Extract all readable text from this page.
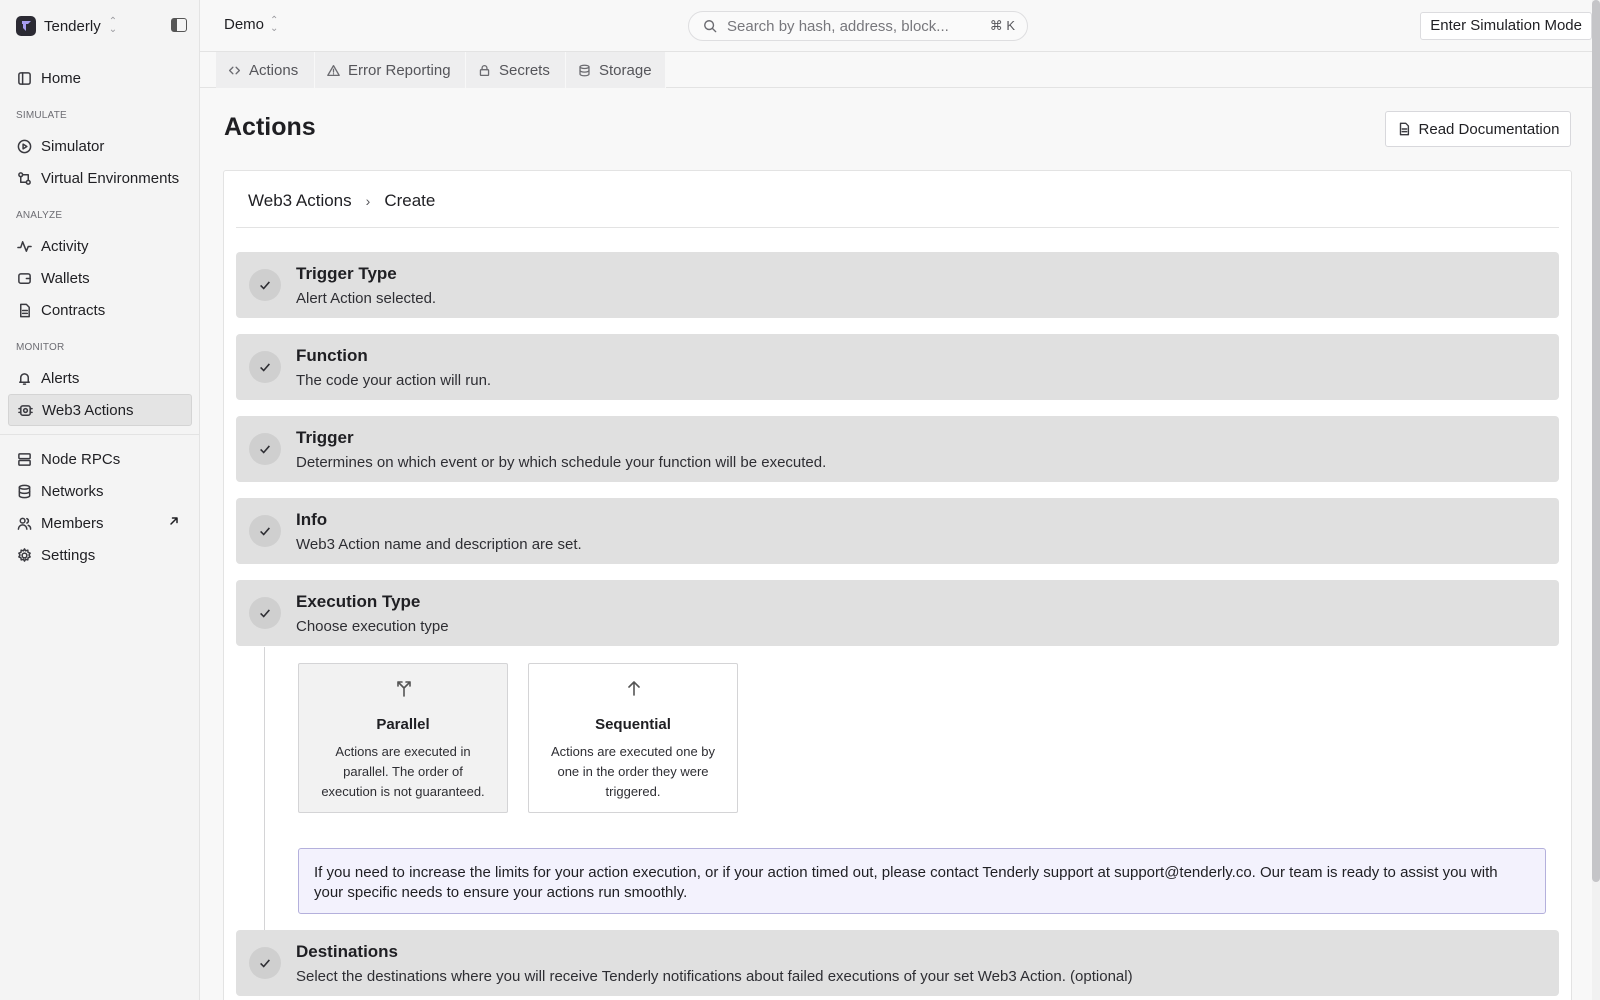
Tenderly ⌃
⌄
Home
SIMULATE
Simulator
Virtual Environments
ANALYZE
Activity
Wallets
Contracts
MONITOR
Alerts
Web3 Actions
Node RPCs
Networks
Members
Settings
Demo ⌃
⌄
Search by hash, address, block...	⌘ K	Enter Simulation Mode
Actions	Error Reporting	Secrets	Storage
Actions	Read Documentation
Web3 Actions › Create
Trigger Type
Alert Action selected.
Function
The code your action will run.
Trigger
Determines on which event or by which schedule your function will be executed.
Info
Web3 Action name and description are set.
Execution Type
Choose execution type
Parallel
Actions are executed in parallel. The order of execution is not guaranteed.
Sequential
Actions are executed one by one in the order they were triggered.
If you need to increase the limits for your action execution, or if your action timed out, please contact Tenderly support at support@tenderly.co. Our team is ready to assist you with your specific needs to ensure your actions run smoothly.
Destinations
Select the destinations where you will receive Tenderly notifications about failed executions of your set Web3 Action. (optional)
